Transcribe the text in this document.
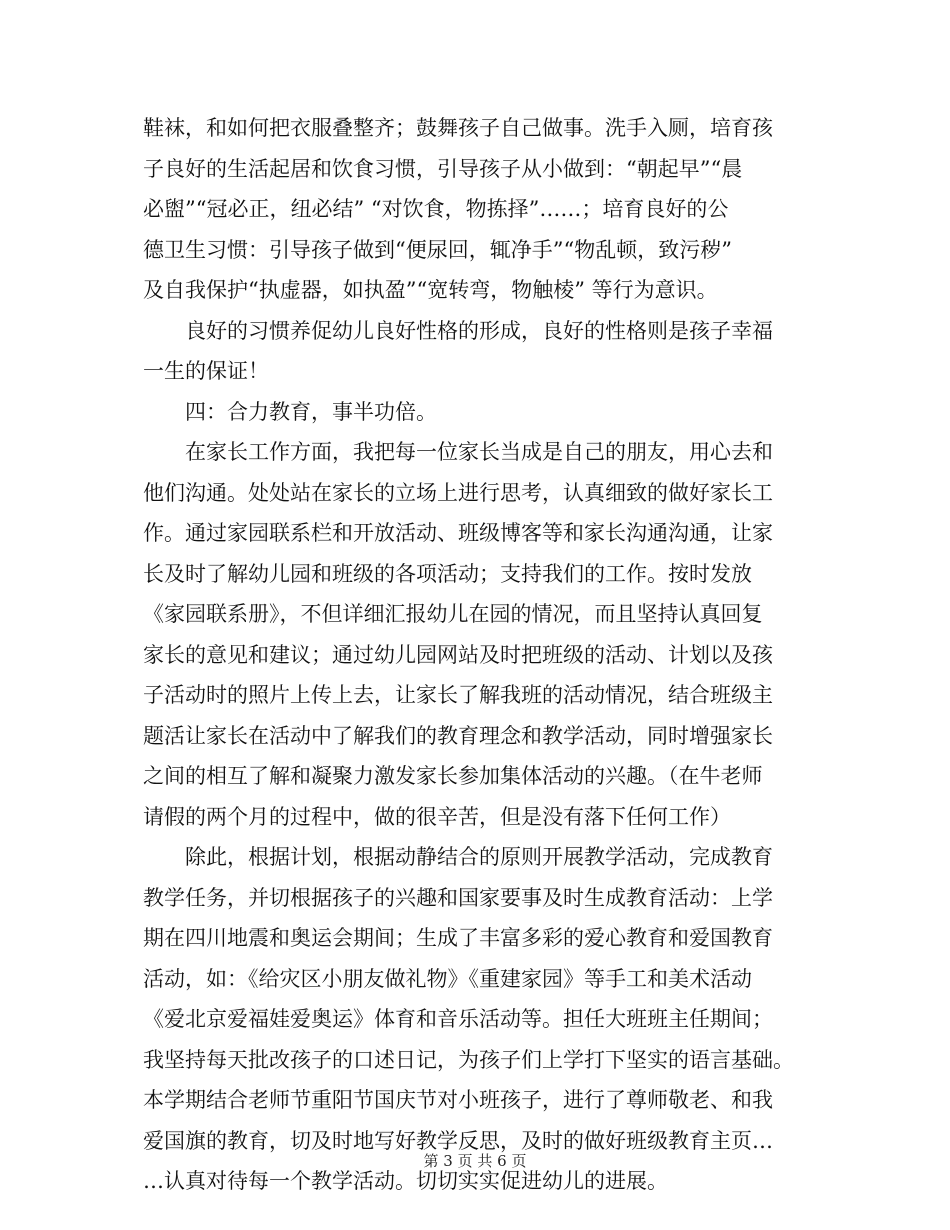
鞋袜，和如何把衣服叠整齐；鼓舞孩子自己做事。洗手入厕，培育孩
子良好的生活起居和饮食习惯，引导孩子从小做到：“朝起早”“晨
必盥”“冠必正，纽必结” “对饮食，物拣择”……；培育良好的公
德卫生习惯：引导孩子做到“便尿回，辄净手”“物乱顿，致污秽”
及自我保护“执虚器，如执盈”“宽转弯，物触棱” 等行为意识。
　　良好的习惯养促幼儿良好性格的形成，良好的性格则是孩子幸福
一生的保证！
　　四：合力教育，事半功倍。
　　在家长工作方面，我把每一位家长当成是自己的朋友，用心去和
他们沟通。处处站在家长的立场上进行思考，认真细致的做好家长工
作。通过家园联系栏和开放活动、班级博客等和家长沟通沟通，让家
长及时了解幼儿园和班级的各项活动；支持我们的工作。按时发放
《家园联系册》，不但详细汇报幼儿在园的情况，而且坚持认真回复
家长的意见和建议；通过幼儿园网站及时把班级的活动、计划以及孩
子活动时的照片上传上去，让家长了解我班的活动情况，结合班级主
题活让家长在活动中了解我们的教育理念和教学活动，同时增强家长
之间的相互了解和凝聚力激发家长参加集体活动的兴趣。（在牛老师
请假的两个月的过程中，做的很辛苦，但是没有落下任何工作）
　　除此，根据计划，根据动静结合的原则开展教学活动，完成教育
教学任务，并切根据孩子的兴趣和国家要事及时生成教育活动：上学
期在四川地震和奥运会期间；生成了丰富多彩的爱心教育和爱国教育
活动，如：《给灾区小朋友做礼物》《重建家园》等手工和美术活动
《爱北京爱福娃爱奥运》体育和音乐活动等。担任大班班主任期间；
我坚持每天批改孩子的口述日记，为孩子们上学打下坚实的语言基础。
本学期结合老师节重阳节国庆节对小班孩子，进行了尊师敬老、和我
爱国旗的教育，切及时地写好教学反思，及时的做好班级教育主页…
…认真对待每一个教学活动。切切实实促进幼儿的进展。
第 3 页 共 6 页
